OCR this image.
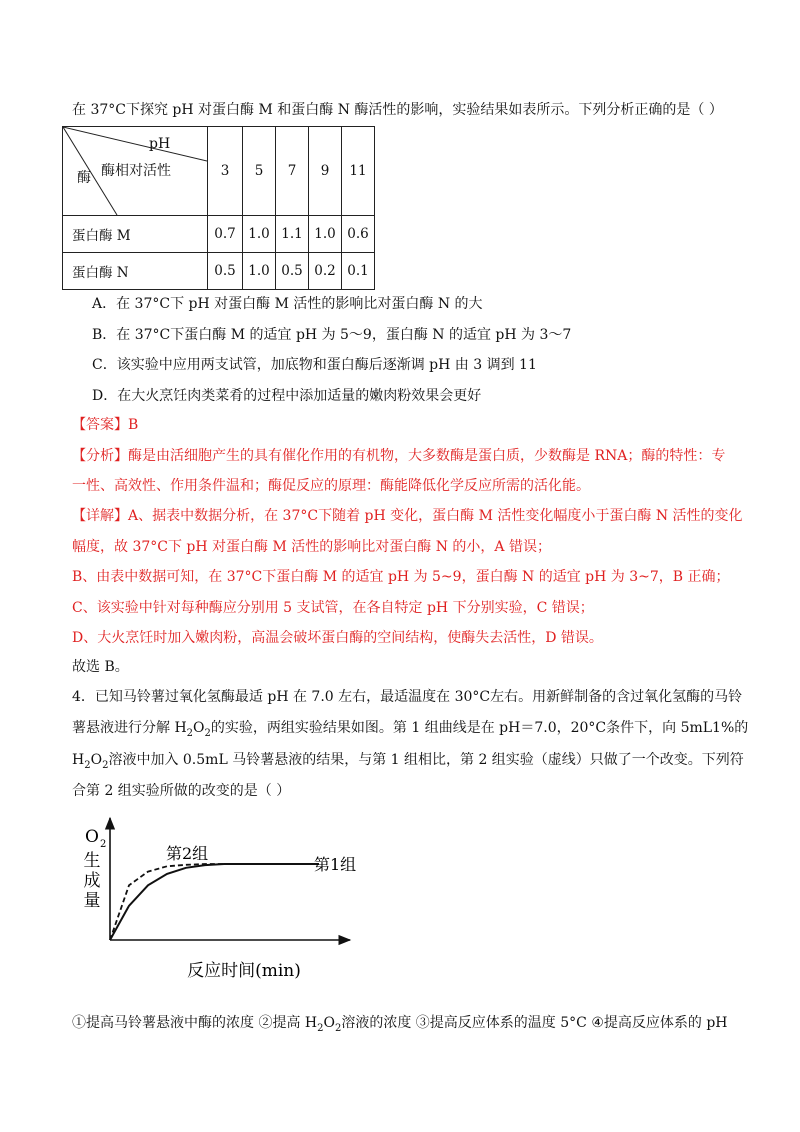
在 37°C下探究 pH 对蛋白酶 M 和蛋白酶 N 酶活性的影响，实验结果如表所示。下列分析正确的是（ ）
pH
酶相对活性
酶	3	5	7	9	11
蛋白酶 M	0.7	1.0	1.1	1.0	0.6
蛋白酶 N	0.5	1.0	0.5	0.2	0.1
A．在 37°C下 pH 对蛋白酶 M 活性的影响比对蛋白酶 N 的大
B．在 37°C下蛋白酶 M 的适宜 pH 为 5～9，蛋白酶 N 的适宜 pH 为 3～7
C．该实验中应用两支试管，加底物和蛋白酶后逐渐调 pH 由 3 调到 11
D．在大火烹饪肉类菜肴的过程中添加适量的嫩肉粉效果会更好
【答案】B
【分析】酶是由活细胞产生的具有催化作用的有机物，大多数酶是蛋白质，少数酶是 RNA；酶的特性：专
一性、高效性、作用条件温和；酶促反应的原理：酶能降低化学反应所需的活化能。
【详解】A、据表中数据分析，在 37°C下随着 pH 变化，蛋白酶 M 活性变化幅度小于蛋白酶 N 活性的变化
幅度，故 37°C下 pH 对蛋白酶 M 活性的影响比对蛋白酶 N 的小，A 错误；
B、由表中数据可知，在 37°C下蛋白酶 M 的适宜 pH 为 5~9，蛋白酶 N 的适宜 pH 为 3~7，B 正确；
C、该实验中针对每种酶应分别用 5 支试管，在各自特定 pH 下分别实验，C 错误；
D、大火烹饪时加入嫩肉粉，高温会破坏蛋白酶的空间结构，使酶失去活性，D 错误。
故选 B。
4．已知马铃薯过氧化氢酶最适 pH 在 7.0 左右，最适温度在 30°C左右。用新鲜制备的含过氧化氢酶的马铃
薯悬液进行分解 $H_2O_2$的实验，两组实验结果如图。第 1 组曲线是在 pH＝7.0，20°C条件下，向 5mL1%的
$H_2O_2$溶液中加入 0.5mL 马铃薯悬液的结果，与第 1 组相比，第 2 组实验（虚线）只做了一个改变。下列符
合第 2 组实验所做的改变的是（ ）
O 2
生
成
量
反应时间(min)
第1组
第2组
①提高马铃薯悬液中酶的浓度 ②提高 $H_2O_2$溶液的浓度 ③提高反应体系的温度 5°C ④提高反应体系的 pH
